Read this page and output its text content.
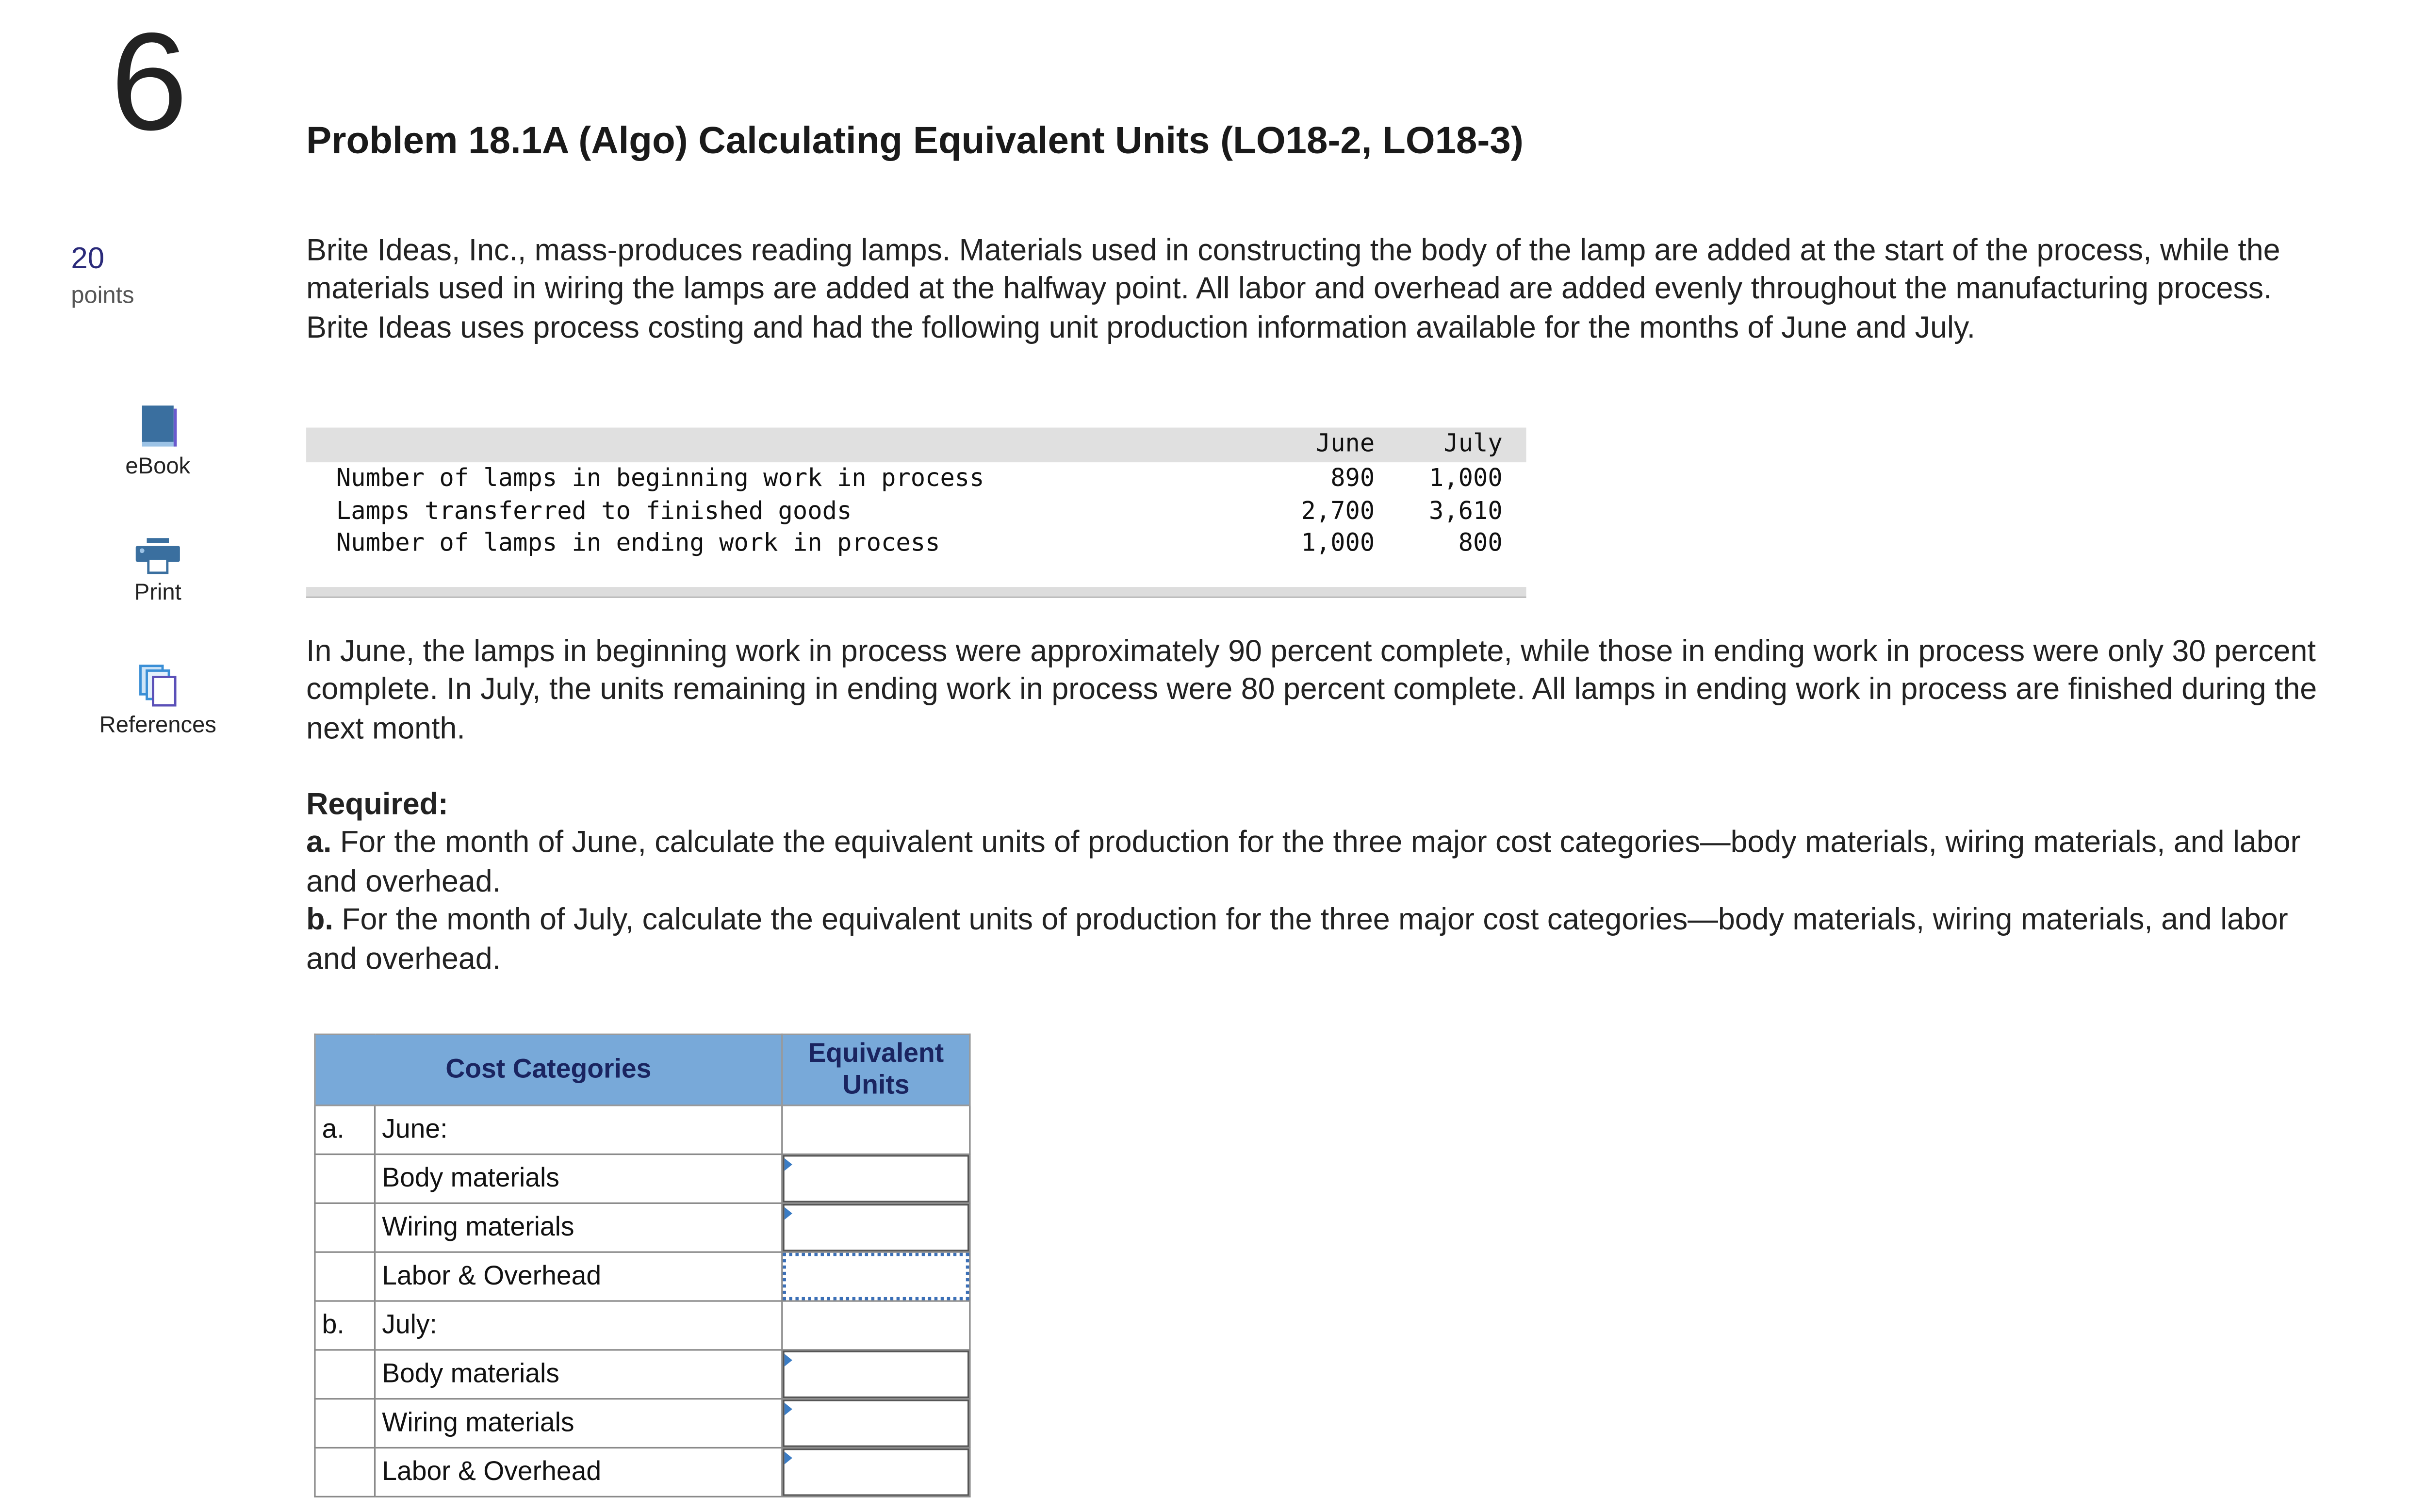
6	Problem 18.1A (Algo) Calculating Equivalent Units (LO18-2, LO18-3)
20
points
eBook
Print
References
Brite Ideas, Inc., mass-produces reading lamps. Materials used in constructing the body of the lamp are added at the start of the process, while the materials used in wiring the lamps are added at the halfway point. All labor and overhead are added evenly throughout the manufacturing process. Brite Ideas uses process costing and had the following unit production information available for the months of June and July.
June	July
Number of lamps in beginning work in process	890	1,000
Lamps transferred to finished goods	2,700	3,610
Number of lamps in ending work in process	1,000	800
In June, the lamps in beginning work in process were approximately 90 percent complete, while those in ending work in process were only 30 percent complete. In July, the units remaining in ending work in process were 80 percent complete. All lamps in ending work in process are finished during the next month.
Required:
a. For the month of June, calculate the equivalent units of production for the three major cost categories—body materials, wiring materials, and labor and overhead.
b. For the month of July, calculate the equivalent units of production for the three major cost categories—body materials, wiring materials, and labor and overhead.
Cost Categories		Equivalent Units
a.	June:	
	Body materials	

	Wiring materials	

	Labor & Overhead	
b.	July:	
	Body materials	

	Wiring materials	

	Labor & Overhead	
